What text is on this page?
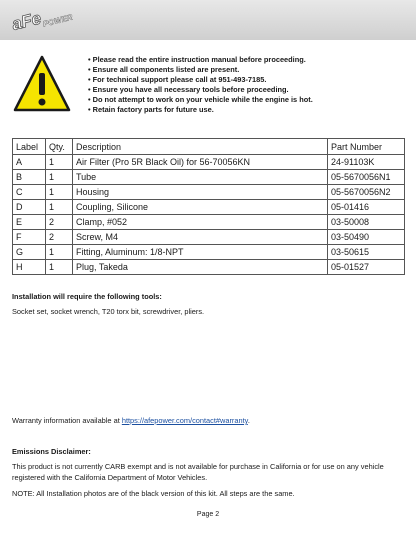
aFe
POWER
• Please read the entire instruction manual before proceeding.
• Ensure all components listed are present.
• For technical support please call at 951-493-7185.
• Ensure you have all necessary tools before proceeding.
• Do not attempt to work on your vehicle while the engine is hot.
• Retain factory parts for future use.
Label	Qty.	Description	Part Number
A	1	Air Filter (Pro 5R Black Oil) for 56-70056KN	24-91103K
B	1	Tube	05-5670056N1
C	1	Housing	05-5670056N2
D	1	Coupling, Silicone	05-01416
E	2	Clamp, #052	03-50008
F	2	Screw, M4	03-50490
G	1	Fitting, Aluminum: 1/8-NPT	03-50615
H	1	Plug, Takeda	05-01527
Installation will require the following tools:
Socket set, socket wrench, T20 torx bit, screwdriver, pliers.
Warranty information available at https://afepower.com/contact#warranty.
Emissions Disclaimer:
This product is not currently CARB exempt and is not available for purchase in California or for use on any vehicle registered with the California Department of Motor Vehicles.
NOTE: All Installation photos are of the black version of this kit. All steps are the same.
Page 2
